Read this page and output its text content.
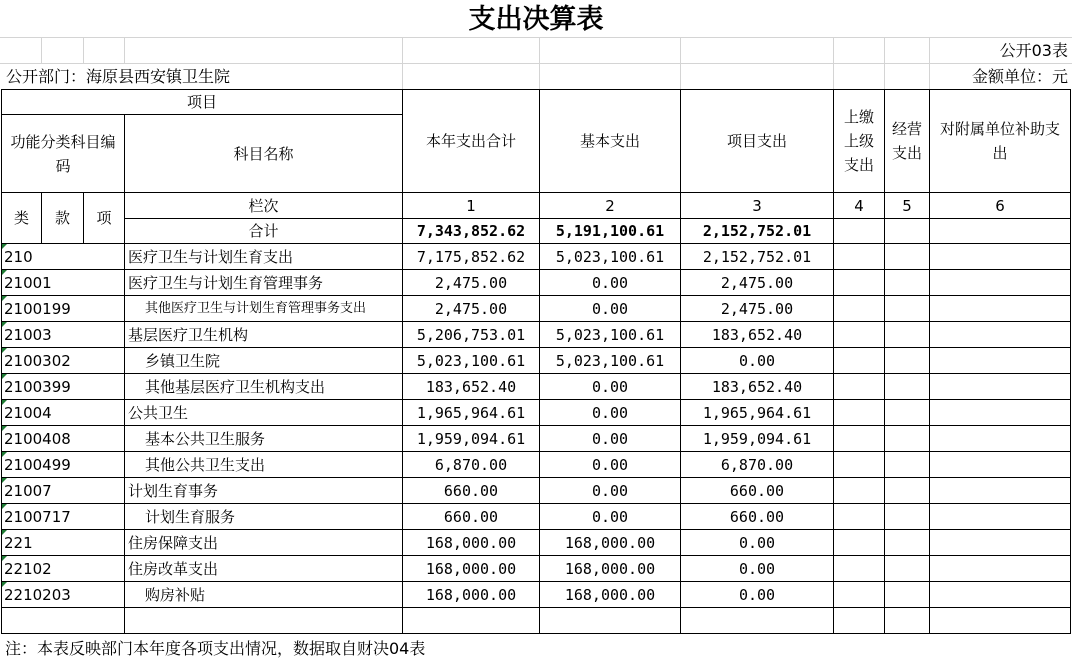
支出决算表
公开03表
公开部门：海原县西安镇卫生院	金额单位：元
项目				本年支出合计	基本支出	项目支出	上缴上级支出	经营支出	对附属单位补助支出
功能分类科目编码			科目名称						
类	款	项	栏次	1	2	3	4	5	6
			合计	7,343,852.62	5,191,100.61	2,152,752.01			

210			医疗卫生与计划生育支出	7,175,852.62	5,023,100.61	2,152,752.01			

21001			医疗卫生与计划生育管理事务	2,475.00	0.00	2,475.00			

2100199			其他医疗卫生与计划生育管理事务支出	2,475.00	0.00	2,475.00			

21003			基层医疗卫生机构	5,206,753.01	5,023,100.61	183,652.40			

2100302			乡镇卫生院	5,023,100.61	5,023,100.61	0.00			

2100399			其他基层医疗卫生机构支出	183,652.40	0.00	183,652.40			

21004			公共卫生	1,965,964.61	0.00	1,965,964.61			

2100408			基本公共卫生服务	1,959,094.61	0.00	1,959,094.61			

2100499			其他公共卫生支出	6,870.00	0.00	6,870.00			

21007			计划生育事务	660.00	0.00	660.00			

2100717			计划生育服务	660.00	0.00	660.00			

221			住房保障支出	168,000.00	168,000.00	0.00			

22102			住房改革支出	168,000.00	168,000.00	0.00			

2210203			购房补贴	168,000.00	168,000.00	0.00			

注：本表反映部门本年度各项支出情况，数据取自财决04表
